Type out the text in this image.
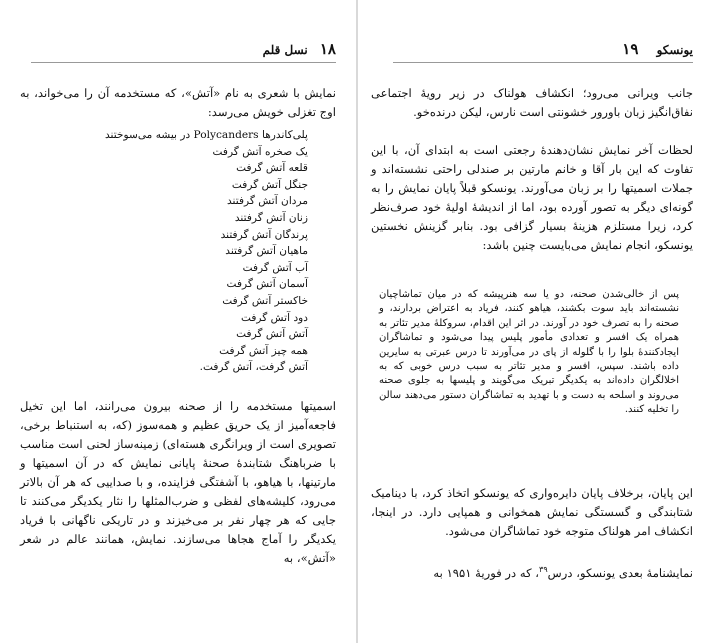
۱۸ نسل قلم

نمایش با شعری به نام «آتش»، که مستخدمه آن را می‌خواند، به اوج تغزلی خویش می‌رسد:

پلی‌کاندرها Polycanders در بیشه می‌سوختند
یک صخره آتش گرفت
قلعه آتش گرفت
جنگل آتش گرفت
مردان آتش گرفتند
زنان آتش گرفتند
پرندگان آتش گرفتند
ماهیان آتش گرفتند
آب آتش گرفت
آسمان آتش گرفت
خاکستر آتش گرفت
دود آتش گرفت
آتش آتش گرفت
همه چیز آتش گرفت
آتش گرفت، آتش گرفت.

اسمیتها مستخدمه را از صحنه بیرون می‌رانند، اما این تخیل فاجعه‌آمیز از یک حریق عظیم و همه‌سوز (که، به استنباط برخی، تصویری است از ویرانگری هسته‌ای) زمینه‌ساز لحنی است مناسب با ضرباهنگ شتابندهٔ صحنهٔ پایانی نمایش که در آن اسمیتها و مارتینها، با هیاهو، با آشفتگی فزاینده، و با صداییی که هر آن بالاتر می‌رود، کلیشه‌های لفظی و ضرب‌المثلها را نثار یکدیگر می‌کنند تا جایی که هر چهار نفر بر می‌خیزند و در تاریکی ناگهانی با فریاد یکدیگر را آماج هجاها می‌سازند. نمایش، همانند عالم در شعر «آتش»، به

یونسکو ۱۹

جانب ویرانی می‌رود؛ انکشاف هولناک در زیر رویهٔ اجتماعی نفاق‌انگیز زبان باورور خشونتی است نارس، لیکن درنده‌خو.

لحظات آخر نمایش نشان‌دهندهٔ رجعتی است به ابتدای آن، با این تفاوت که این بار آقا و خانم مارتین بر صندلی راحتی نشسته‌اند و جملات اسمیتها را بر زبان می‌آورند. یونسکو قبلاً پایان نمایش را به گونه‌ای دیگر به تصور آورده بود، اما از اندیشهٔ اولیهٔ خود صرف‌نظر کرد، زیرا مستلزم هزینهٔ بسیار گزافی بود. بنابر گزینش نخستین یونسکو، انجام نمایش می‌بایست چنین باشد:

پس از خالی‌شدن صحنه، دو یا سه هنرپیشه که در میان تماشاچیان نشسته‌اند باید سوت بکشند، هیاهو کنند، فریاد به اعتراض بردارند، و صحنه را به تصرف خود در آورند. در اثر این اقدام، سروکلهٔ مدیر تئاتر به همراه یک افسر و تعدادی مأمور پلیس پیدا می‌شود و تماشاگران ایجادکنندهٔ بلوا را با گلوله از پای در می‌آورند تا درس عبرتی به سایرین داده باشند. سپس، افسر و مدیر تئاتر به سبب درس خوبی که به اخلالگران داده‌اند به یکدیگر تبریک می‌گویند و پلیسها به جلوی صحنه می‌روند و اسلحه به دست و با تهدید به تماشاگران دستور می‌دهند سالن را تخلیه کنند.

این پایان، برخلاف پایان دایره‌واری که یونسکو اتخاذ کرد، با دینامیک شتابندگی و گسستگی نمایش همخوانی و همپایی دارد. در اینجا، انکشاف امر هولناک متوجه خود تماشاگران می‌شود.

نمایشنامهٔ بعدی یونسکو، درس$^{۳۹}$، که در فوریهٔ ۱۹۵۱ به
